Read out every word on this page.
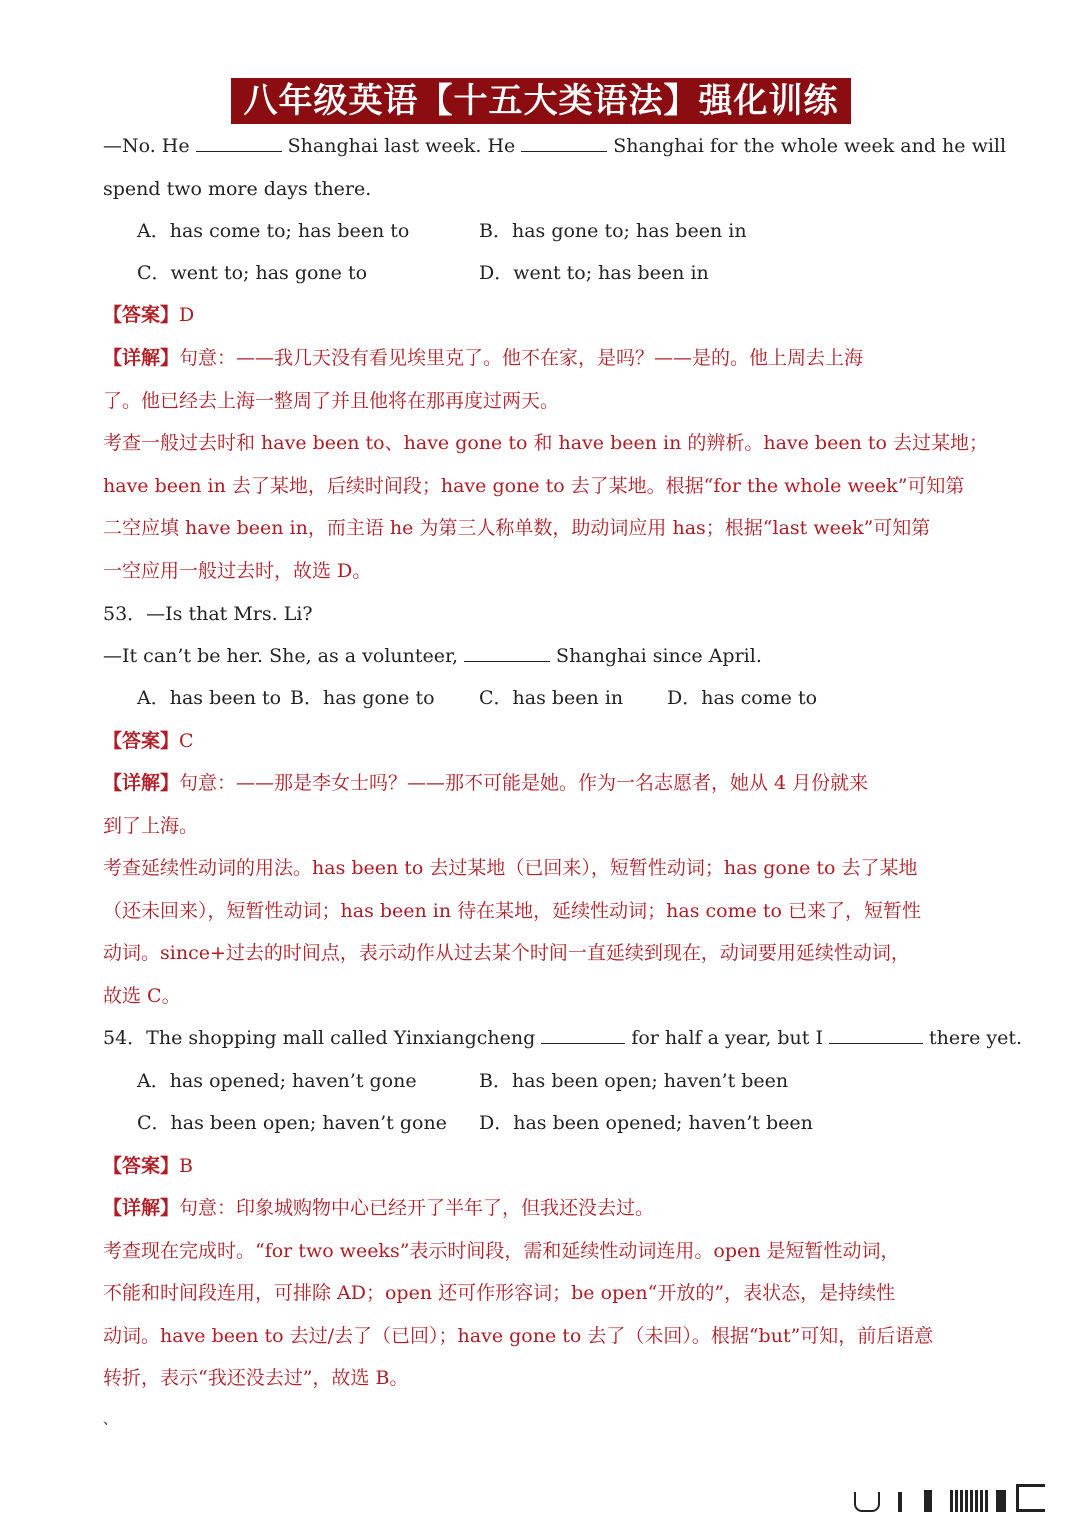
八年级英语【十五大类语法】强化训练
—No. He	Shanghai last week. He	Shanghai for the whole week and he will
spend two more days there.
A．has come to; has been to	B．has gone to; has been in
C．went to; has gone to	D．went to; has been in
【答案】D
【详解】句意：——我几天没有看见埃里克了。他不在家，是吗？——是的。他上周去上海
了。他已经去上海一整周了并且他将在那再度过两天。
考查一般过去时和 have been to、have gone to 和 have been in 的辨析。have been to 去过某地；
have been in 去了某地，后续时间段；have gone to 去了某地。根据“for the whole week”可知第
二空应填 have been in，而主语 he 为第三人称单数，助动词应用 has；根据“last week”可知第
一空应用一般过去时，故选 D。
53．—Is that Mrs. Li?
—It can’t be her. She, as a volunteer,	Shanghai since April.
A．has been to B．has gone to C．has been in D．has come to
【答案】C
【详解】句意：——那是李女士吗？——那不可能是她。作为一名志愿者，她从 4 月份就来
到了上海。
考查延续性动词的用法。has been to 去过某地（已回来），短暂性动词；has gone to 去了某地
（还未回来），短暂性动词；has been in 待在某地，延续性动词；has come to 已来了，短暂性
动词。since+过去的时间点，表示动作从过去某个时间一直延续到现在，动词要用延续性动词，
故选 C。
54．The shopping mall called Yinxiangcheng	for half a year, but I	there yet.
A．has opened; haven’t gone	B．has been open; haven’t been
C．has been open; haven’t gone D．has been opened; haven’t been
【答案】B
【详解】句意：印象城购物中心已经开了半年了，但我还没去过。
考查现在完成时。“for two weeks”表示时间段，需和延续性动词连用。open 是短暂性动词，
不能和时间段连用，可排除 AD；open 还可作形容词；be open“开放的”，表状态，是持续性
动词。have been to 去过/去了（已回）；have gone to 去了（未回）。根据“but”可知，前后语意
转折，表示“我还没去过”，故选 B。
、
